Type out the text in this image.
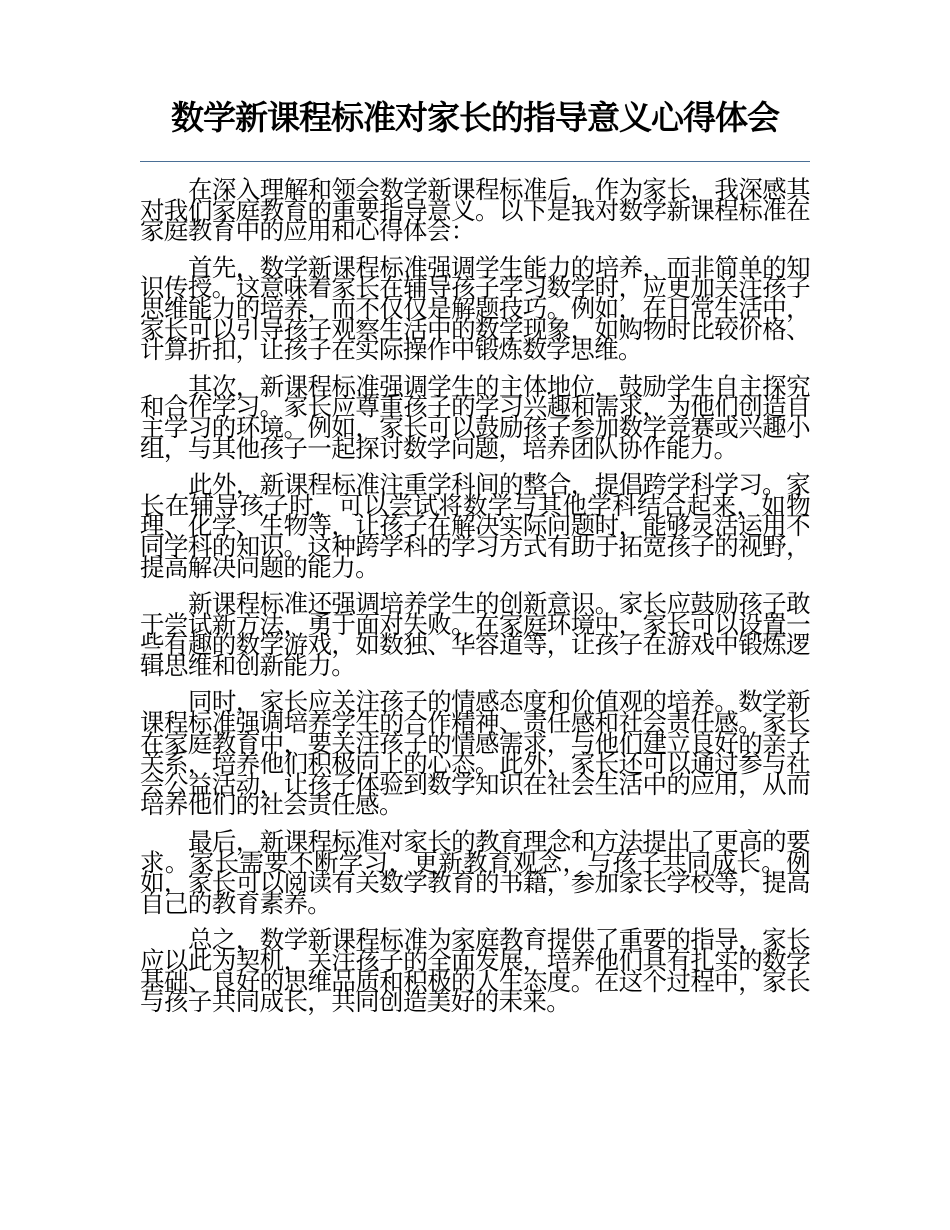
数学新课程标准对家长的指导意义心得体会

在深入理解和领会数学新课程标准后，作为家长，我深感其对我们家庭教育的重要指导意义。以下是我对数学新课程标准在家庭教育中的应用和心得体会：

首先，数学新课程标准强调学生能力的培养，而非简单的知识传授。这意味着家长在辅导孩子学习数学时，应更加关注孩子思维能力的培养，而不仅仅是解题技巧。例如，在日常生活中，家长可以引导孩子观察生活中的数学现象，如购物时比较价格、计算折扣，让孩子在实际操作中锻炼数学思维。

其次，新课程标准强调学生的主体地位，鼓励学生自主探究和合作学习。家长应尊重孩子的学习兴趣和需求，为他们创造自主学习的环境。例如，家长可以鼓励孩子参加数学竞赛或兴趣小组，与其他孩子一起探讨数学问题，培养团队协作能力。

此外，新课程标准注重学科间的整合，提倡跨学科学习。家长在辅导孩子时，可以尝试将数学与其他学科结合起来，如物理、化学、生物等，让孩子在解决实际问题时，能够灵活运用不同学科的知识。这种跨学科的学习方式有助于拓宽孩子的视野，提高解决问题的能力。

新课程标准还强调培养学生的创新意识。家长应鼓励孩子敢于尝试新方法，勇于面对失败。在家庭环境中，家长可以设置一些有趣的数学游戏，如数独、华容道等，让孩子在游戏中锻炼逻辑思维和创新能力。

同时，家长应关注孩子的情感态度和价值观的培养。数学新课程标准强调培养学生的合作精神、责任感和社会责任感。家长在家庭教育中，要关注孩子的情感需求，与他们建立良好的亲子关系，培养他们积极向上的心态。此外，家长还可以通过参与社会公益活动，让孩子体验到数学知识在社会生活中的应用，从而培养他们的社会责任感。

最后，新课程标准对家长的教育理念和方法提出了更高的要求。家长需要不断学习，更新教育观念，与孩子共同成长。例如，家长可以阅读有关数学教育的书籍，参加家长学校等，提高自己的教育素养。

总之，数学新课程标准为家庭教育提供了重要的指导，家长应以此为契机，关注孩子的全面发展，培养他们具有扎实的数学基础、良好的思维品质和积极的人生态度。在这个过程中，家长与孩子共同成长，共同创造美好的未来。
